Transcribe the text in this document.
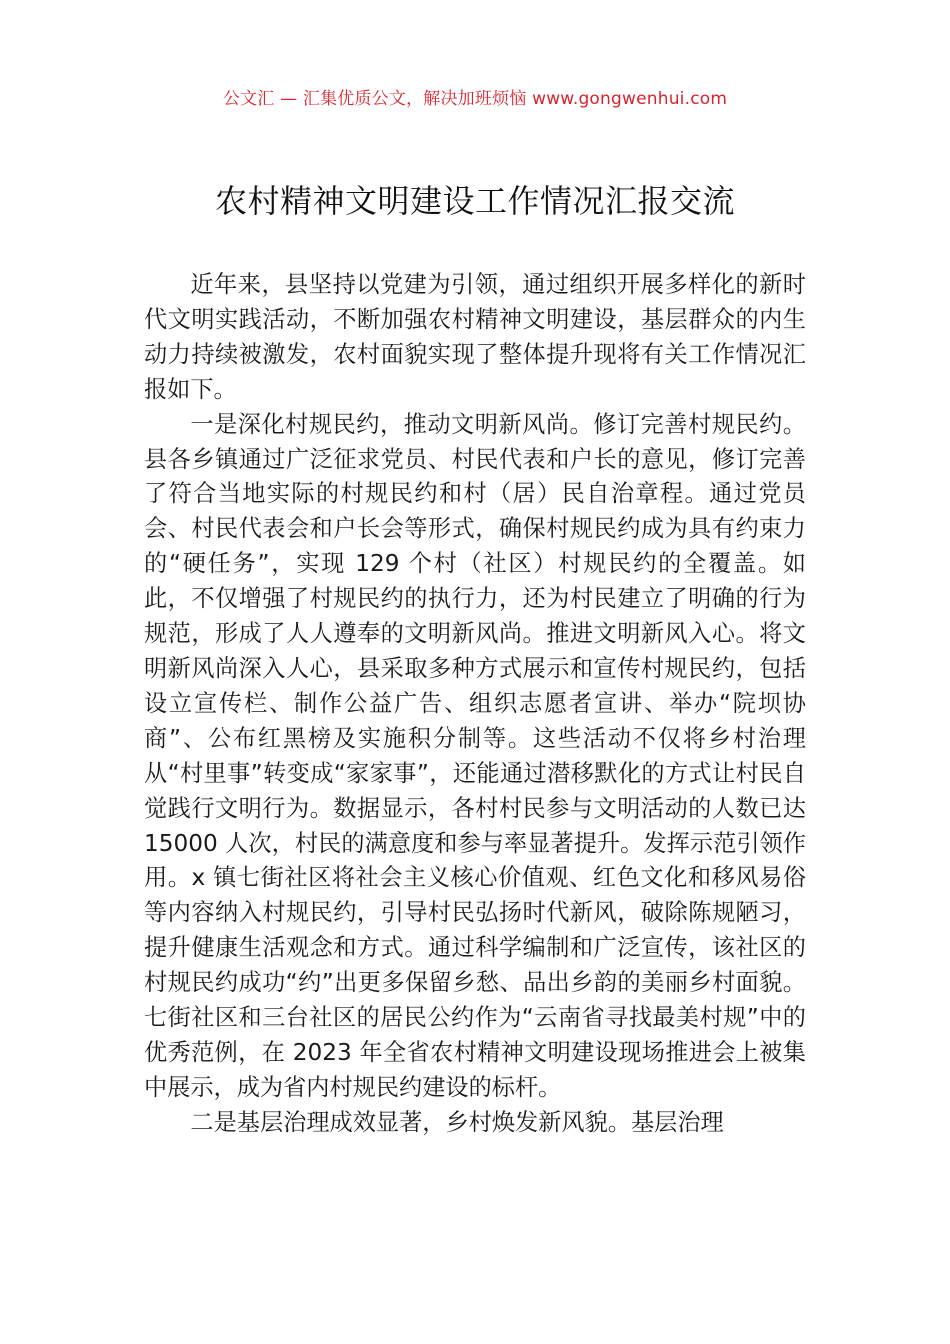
公文汇 — 汇集优质公文，解决加班烦恼 www.gongwenhui.com
农村精神文明建设工作情况汇报交流

近年来，县坚持以党建为引领，通过组织开展多样化的新时代文明实践活动，不断加强农村精神文明建设，基层群众的内生动力持续被激发，农村面貌实现了整体提升现将有关工作情况汇报如下。

一是深化村规民约，推动文明新风尚。修订完善村规民约。县各乡镇通过广泛征求党员、村民代表和户长的意见，修订完善了符合当地实际的村规民约和村（居）民自治章程。通过党员会、村民代表会和户长会等形式，确保村规民约成为具有约束力的“硬任务”，实现 129 个村（社区）村规民约的全覆盖。如此，不仅增强了村规民约的执行力，还为村民建立了明确的行为规范，形成了人人遵奉的文明新风尚。推进文明新风入心。将文明新风尚深入人心，县采取多种方式展示和宣传村规民约，包括设立宣传栏、制作公益广告、组织志愿者宣讲、举办“院坝协商”、公布红黑榜及实施积分制等。这些活动不仅将乡村治理从“村里事”转变成“家家事”，还能通过潜移默化的方式让村民自觉践行文明行为。数据显示，各村村民参与文明活动的人数已达 15000 人次，村民的满意度和参与率显著提升。发挥示范引领作用。x 镇七街社区将社会主义核心价值观、红色文化和移风易俗等内容纳入村规民约，引导村民弘扬时代新风，破除陈规陋习，提升健康生活观念和方式。通过科学编制和广泛宣传，该社区的村规民约成功“约”出更多保留乡愁、品出乡韵的美丽乡村面貌。七街社区和三台社区的居民公约作为“云南省寻找最美村规”中的优秀范例，在 2023 年全省农村精神文明建设现场推进会上被集中展示，成为省内村规民约建设的标杆。

二是基层治理成效显著，乡村焕发新风貌。基层治理
